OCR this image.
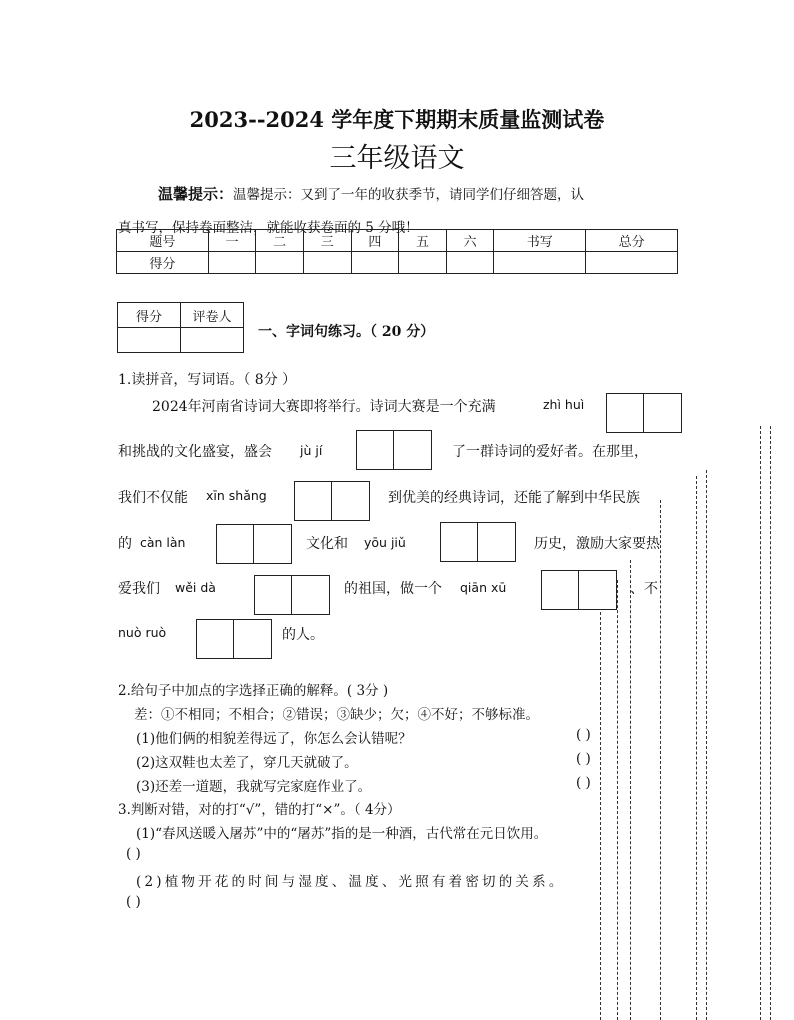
2023--2024 学年度下期期末质量监测试卷
三年级语文
温馨提示：温馨提示：又到了一年的收获季节，请同学们仔细答题，认
真书写，保持卷面整洁，就能收获卷面的 5 分哦！
题号	一	二	三	四	五	六	书写	总分
得分								
得分	评卷人

一、字词句练习。（ 20 分）
1.读拼音，写词语。（ 8分 ）
2024年河南省诗词大赛即将举行。诗词大赛是一个充满	zhì huì
和挑战的文化盛宴，盛会 jù jí	了一群诗词的爱好者。在那里，
我们不仅能 xīn shǎng	到优美的经典诗词，还能了解到中华民族
的 càn làn	文化和 yōu jiǔ	历史，激励大家要热
爱我们 wěi dà	的祖国，做一个 qiān xū	、不
nuò ruò	的人。
2.给句子中加点的字选择正确的解释。( 3分 )
差：①不相同；不相合；②错误；③缺少；欠；④不好；不够标准。
(1)他们俩的相貌差得远了，你怎么会认错呢？	( )
(2)这双鞋也太差了，穿几天就破了。	( )
(3)还差一道题，我就写完家庭作业了。	( )
3.判断对错，对的打“√”，错的打“×”。（ 4分）
(1)“春风送暖入屠苏”中的“屠苏”指的是一种酒，古代常在元日饮用。
( )
(2)植物开花的时间与湿度、温度、光照有着密切的关系。
( )
